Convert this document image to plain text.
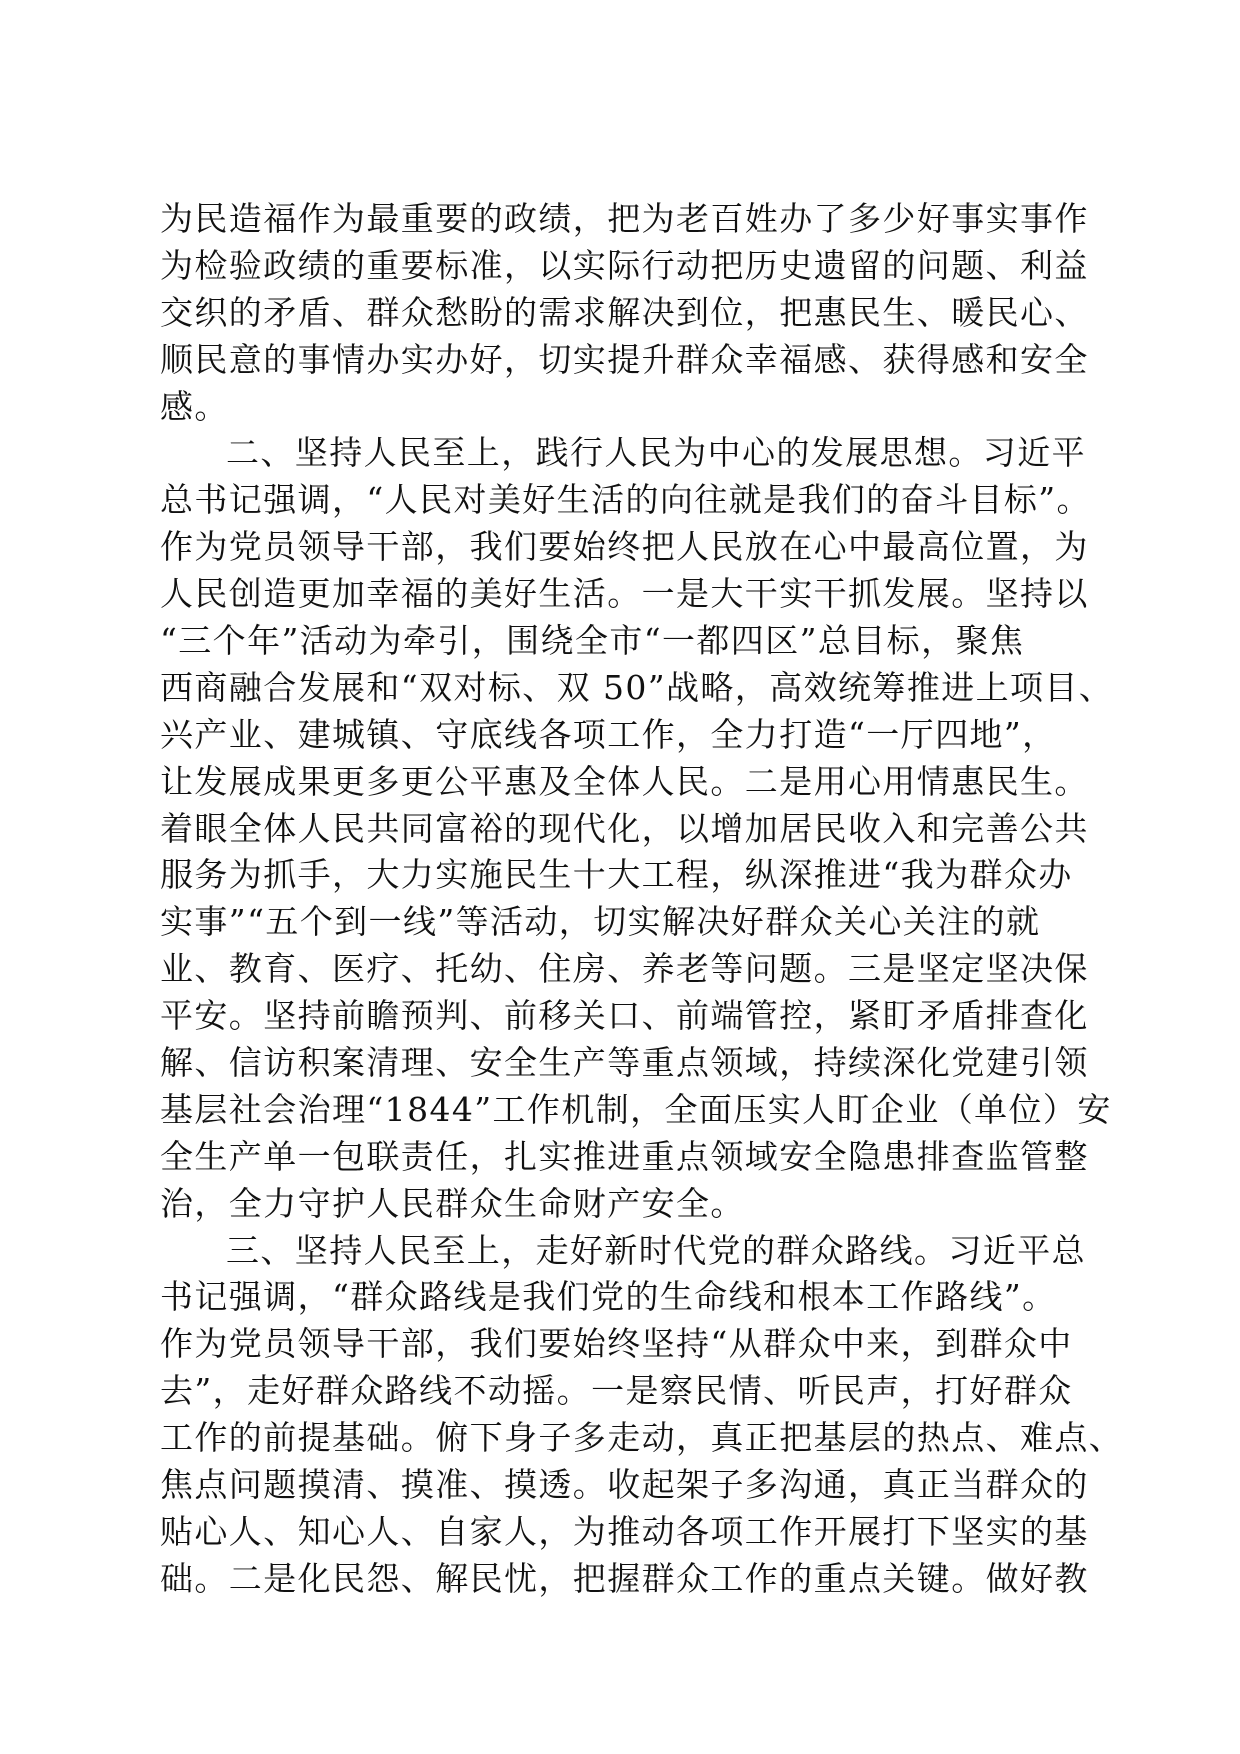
为民造福作为最重要的政绩，把为老百姓办了多少好事实事作
为检验政绩的重要标准，以实际行动把历史遗留的问题、利益
交织的矛盾、群众愁盼的需求解决到位，把惠民生、暖民心、
顺民意的事情办实办好，切实提升群众幸福感、获得感和安全
感。
二、坚持人民至上，践行人民为中心的发展思想。习近平
总书记强调，“人民对美好生活的向往就是我们的奋斗目标”。
作为党员领导干部，我们要始终把人民放在心中最高位置，为
人民创造更加幸福的美好生活。一是大干实干抓发展。坚持以
“三个年”活动为牵引，围绕全市“一都四区”总目标，聚焦
西商融合发展和“双对标、双 50”战略，高效统筹推进上项目、
兴产业、建城镇、守底线各项工作，全力打造“一厅四地”，
让发展成果更多更公平惠及全体人民。二是用心用情惠民生。
着眼全体人民共同富裕的现代化，以增加居民收入和完善公共
服务为抓手，大力实施民生十大工程，纵深推进“我为群众办
实事”“五个到一线”等活动，切实解决好群众关心关注的就
业、教育、医疗、托幼、住房、养老等问题。三是坚定坚决保
平安。坚持前瞻预判、前移关口、前端管控，紧盯矛盾排查化
解、信访积案清理、安全生产等重点领域，持续深化党建引领
基层社会治理“1844”工作机制，全面压实人盯企业（单位）安
全生产单一包联责任，扎实推进重点领域安全隐患排查监管整
治，全力守护人民群众生命财产安全。
三、坚持人民至上，走好新时代党的群众路线。习近平总
书记强调，“群众路线是我们党的生命线和根本工作路线”。
作为党员领导干部，我们要始终坚持“从群众中来，到群众中
去”，走好群众路线不动摇。一是察民情、听民声，打好群众
工作的前提基础。俯下身子多走动，真正把基层的热点、难点、
焦点问题摸清、摸准、摸透。收起架子多沟通，真正当群众的
贴心人、知心人、自家人，为推动各项工作开展打下坚实的基
础。二是化民怨、解民忧，把握群众工作的重点关键。做好教
